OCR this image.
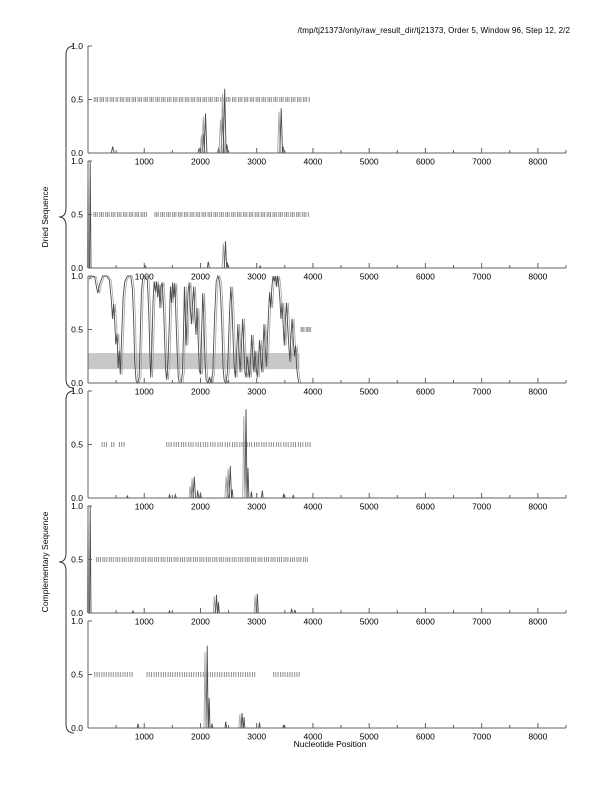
/tmp/tj21373/only/raw_result_dir/tj21373, Order 5, Window 96, Step 12, 2/2
0.0
0.5
1.0
1000	2000	3000	4000	5000	6000	7000	8000
0.0
0.5
1.0
1000	2000	3000	4000	5000	6000	7000	8000
0.0
0.5
1.0
1000	2000	3000	4000	5000	6000	7000	8000
0.0
0.5
1.0
1000	2000	3000	4000	5000	6000	7000	8000
0.0
0.5
1.0
1000	2000	3000	4000	5000	6000	7000	8000
0.0
0.5
1.0
1000	2000	3000	4000	5000	6000	7000	8000
Dried Sequence
Complementary Sequence
Nucleotide Position
